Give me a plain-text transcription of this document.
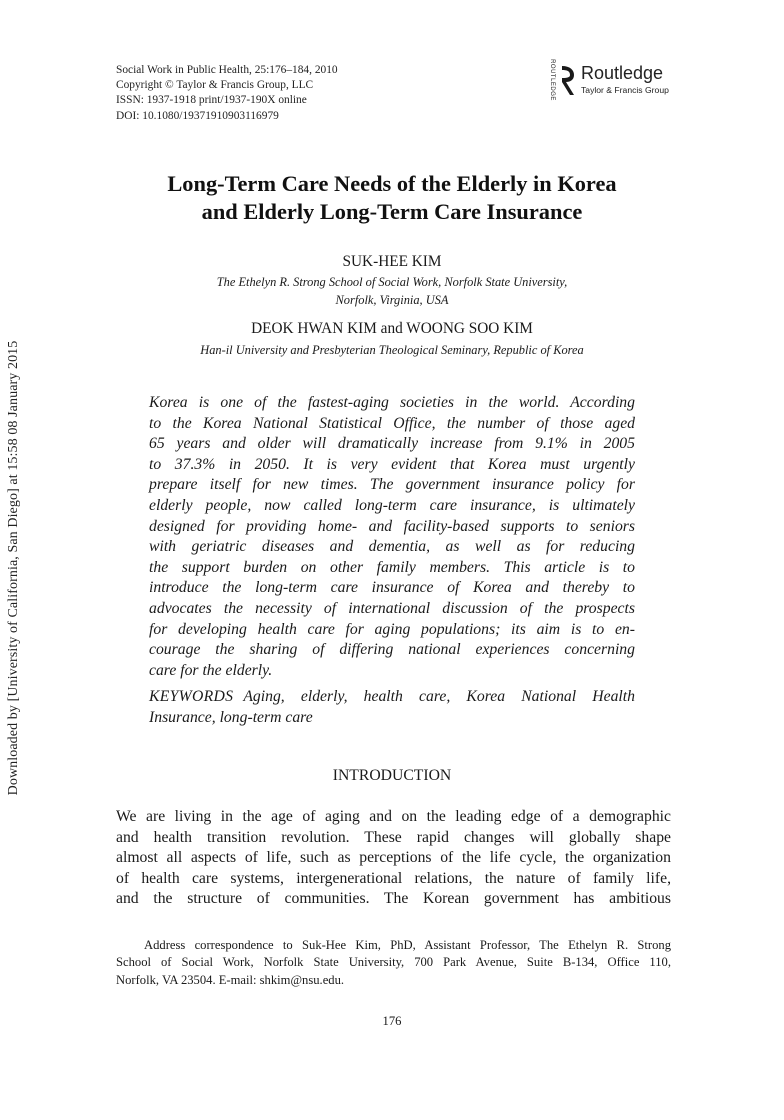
Downloaded by [University of California, San Diego] at 15:58 08 January 2015
Social Work in Public Health, 25:176–184, 2010
Copyright © Taylor & Francis Group, LLC
ISSN: 1937-1918 print/1937-190X online
DOI: 10.1080/19371910903116979
ROUTLEDGE Routledge
Taylor & Francis Group
Long-Term Care Needs of the Elderly in Korea
and Elderly Long-Term Care Insurance
SUK-HEE KIM
The Ethelyn R. Strong School of Social Work, Norfolk State University,
Norfolk, Virginia, USA
DEOK HWAN KIM and WOONG SOO KIM
Han-il University and Presbyterian Theological Seminary, Republic of Korea
Korea is one of the fastest-aging societies in the world. According
to the Korea National Statistical Office, the number of those aged
65 years and older will dramatically increase from 9.1% in 2005
to 37.3% in 2050. It is very evident that Korea must urgently
prepare itself for new times. The government insurance policy for
elderly people, now called long-term care insurance, is ultimately
designed for providing home- and facility-based supports to seniors
with geriatric diseases and dementia, as well as for reducing
the support burden on other family members. This article is to
introduce the long-term care insurance of Korea and thereby to
advocates the necessity of international discussion of the prospects
for developing health care for aging populations; its aim is to en-
courage the sharing of differing national experiences concerning
care for the elderly.
KEYWORDS Aging, elderly, health care, Korea National Health
Insurance, long-term care
INTRODUCTION
We are living in the age of aging and on the leading edge of a demographic
and health transition revolution. These rapid changes will globally shape
almost all aspects of life, such as perceptions of the life cycle, the organization
of health care systems, intergenerational relations, the nature of family life,
and the structure of communities. The Korean government has ambitious
Address correspondence to Suk-Hee Kim, PhD, Assistant Professor, The Ethelyn R. Strong
School of Social Work, Norfolk State University, 700 Park Avenue, Suite B-134, Office 110,
Norfolk, VA 23504. E-mail: shkim@nsu.edu.
176
